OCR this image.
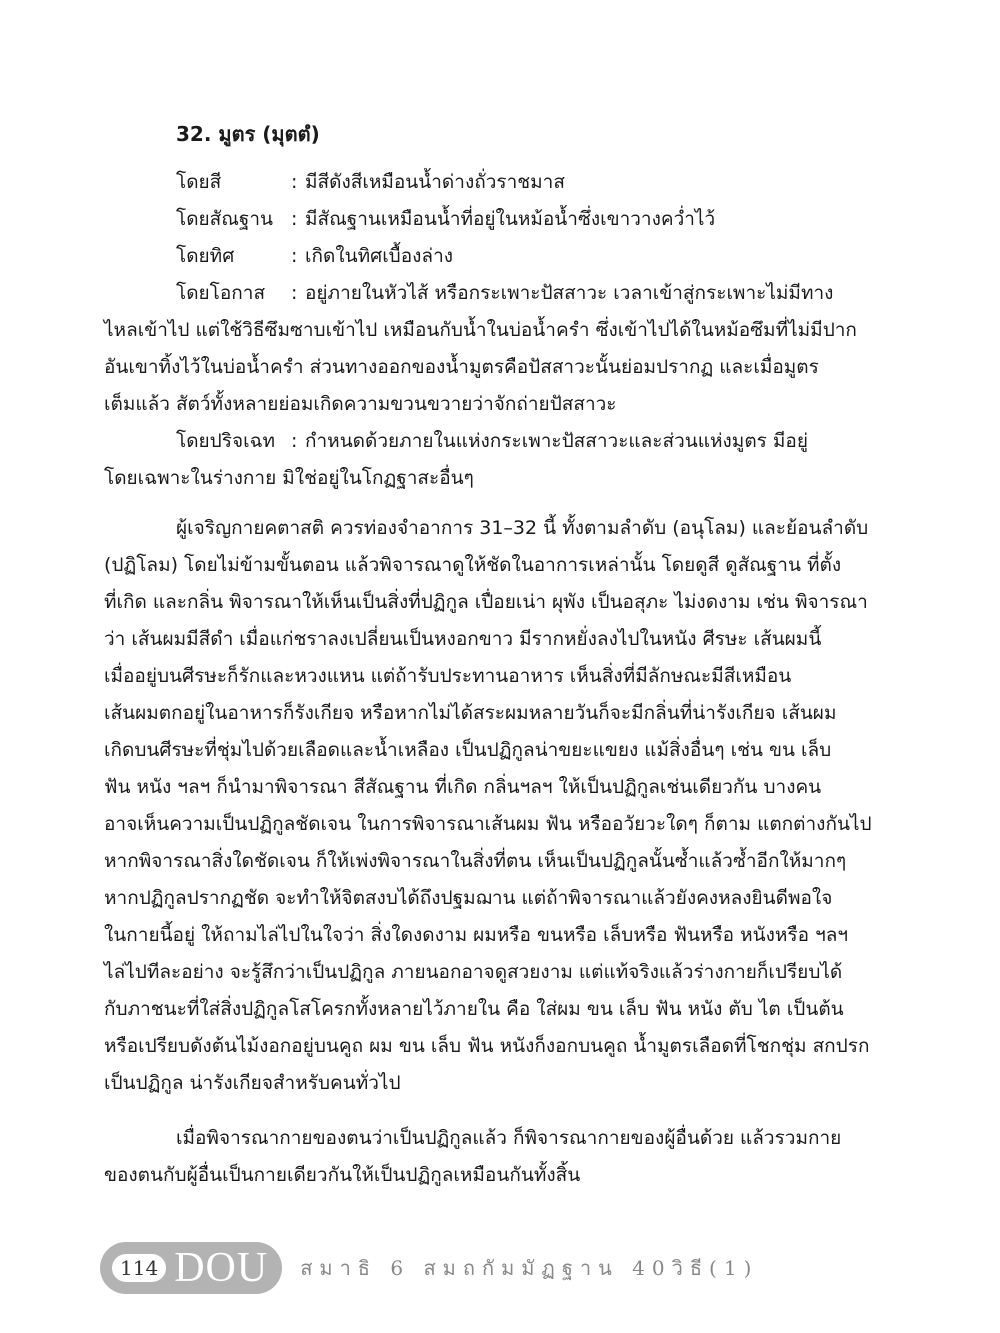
32. มูตร (มุตตํ)
โดยสี	: มีสีดังสีเหมือนน้ำด่างถั่วราชมาส
โดยสัณฐาน : มีสัณฐานเหมือนน้ำที่อยู่ในหม้อน้ำซึ่งเขาวางคว่ำไว้
โดยทิศ	: เกิดในทิศเบื้องล่าง
โดยโอกาส	: อยู่ภายในหัวไส้ หรือกระเพาะปัสสาวะ เวลาเข้าสู่กระเพาะไม่มีทาง

ไหลเข้าไป แต่ใช้วิธีซึมซาบเข้าไป เหมือนกับน้ำในบ่อน้ำครำ ซึ่งเข้าไปได้ในหม้อซึมที่ไม่มีปาก
อันเขาทิ้งไว้ในบ่อน้ำครำ ส่วนทางออกของน้ำมูตรคือปัสสาวะนั้นย่อมปรากฏ และเมื่อมูตร
เต็มแล้ว สัตว์ทั้งหลายย่อมเกิดความขวนขวายว่าจักถ่ายปัสสาวะ

โดยปริจเฉท : กำหนดด้วยภายในแห่งกระเพาะปัสสาวะและส่วนแห่งมูตร มีอยู่

โดยเฉพาะในร่างกาย มิใช่อยู่ในโกฏฐาสะอื่นๆ

ผู้เจริญกายคตาสติ ควรท่องจำอาการ 31–32 นี้ ทั้งตามลำดับ (อนุโลม) และย้อนลำดับ
(ปฏิโลม) โดยไม่ข้ามขั้นตอน แล้วพิจารณาดูให้ชัดในอาการเหล่านั้น โดยดูสี ดูสัณฐาน ที่ตั้ง
ที่เกิด และกลิ่น พิจารณาให้เห็นเป็นสิ่งที่ปฏิกูล เปื่อยเน่า ผุพัง เป็นอสุภะ ไม่งดงาม เช่น พิจารณา
ว่า เส้นผมมีสีดำ เมื่อแก่ชราลงเปลี่ยนเป็นหงอกขาว มีรากหยั่งลงไปในหนัง ศีรษะ เส้นผมนี้
เมื่ออยู่บนศีรษะก็รักและหวงแหน แต่ถ้ารับประทานอาหาร เห็นสิ่งที่มีลักษณะมีสีเหมือน
เส้นผมตกอยู่ในอาหารก็รังเกียจ หรือหากไม่ได้สระผมหลายวันก็จะมีกลิ่นที่น่ารังเกียจ เส้นผม
เกิดบนศีรษะที่ชุ่มไปด้วยเลือดและน้ำเหลือง เป็นปฏิกูลน่าขยะแขยง แม้สิ่งอื่นๆ เช่น ขน เล็บ
ฟัน หนัง ฯลฯ ก็นำมาพิจารณา สีสัณฐาน ที่เกิด กลิ่นฯลฯ ให้เป็นปฏิกูลเช่นเดียวกัน บางคน
อาจเห็นความเป็นปฏิกูลชัดเจน ในการพิจารณาเส้นผม ฟัน หรืออวัยวะใดๆ ก็ตาม แตกต่างกันไป
หากพิจารณาสิ่งใดชัดเจน ก็ให้เพ่งพิจารณาในสิ่งที่ตน เห็นเป็นปฏิกูลนั้นซ้ำแล้วซ้ำอีกให้มากๆ
หากปฏิกูลปรากฏชัด จะทำให้จิตสงบได้ถึงปฐมฌาน แต่ถ้าพิจารณาแล้วยังคงหลงยินดีพอใจ
ในกายนี้อยู่ ให้ถามไล่ไปในใจว่า สิ่งใดงดงาม ผมหรือ ขนหรือ เล็บหรือ ฟันหรือ หนังหรือ ฯลฯ
ไล่ไปทีละอย่าง จะรู้สึกว่าเป็นปฏิกูล ภายนอกอาจดูสวยงาม แต่แท้จริงแล้วร่างกายก็เปรียบได้
กับภาชนะที่ใส่สิ่งปฏิกูลโสโครกทั้งหลายไว้ภายใน คือ ใส่ผม ขน เล็บ ฟัน หนัง ตับ ไต เป็นต้น
หรือเปรียบดังต้นไม้งอกอยู่บนคูถ ผม ขน เล็บ ฟัน หนังก็งอกบนคูถ น้ำมูตรเลือดที่โชกชุ่ม สกปรก
เป็นปฏิกูล น่ารังเกียจสำหรับคนทั่วไป

เมื่อพิจารณากายของตนว่าเป็นปฏิกูลแล้ว ก็พิจารณากายของผู้อื่นด้วย แล้วรวมกาย
ของตนกับผู้อื่นเป็นกายเดียวกันให้เป็นปฏิกูลเหมือนกันทั้งสิ้น

114 DOU สมาธิ 6 สมถกัมมัฏฐาน 40วิธี(1)
